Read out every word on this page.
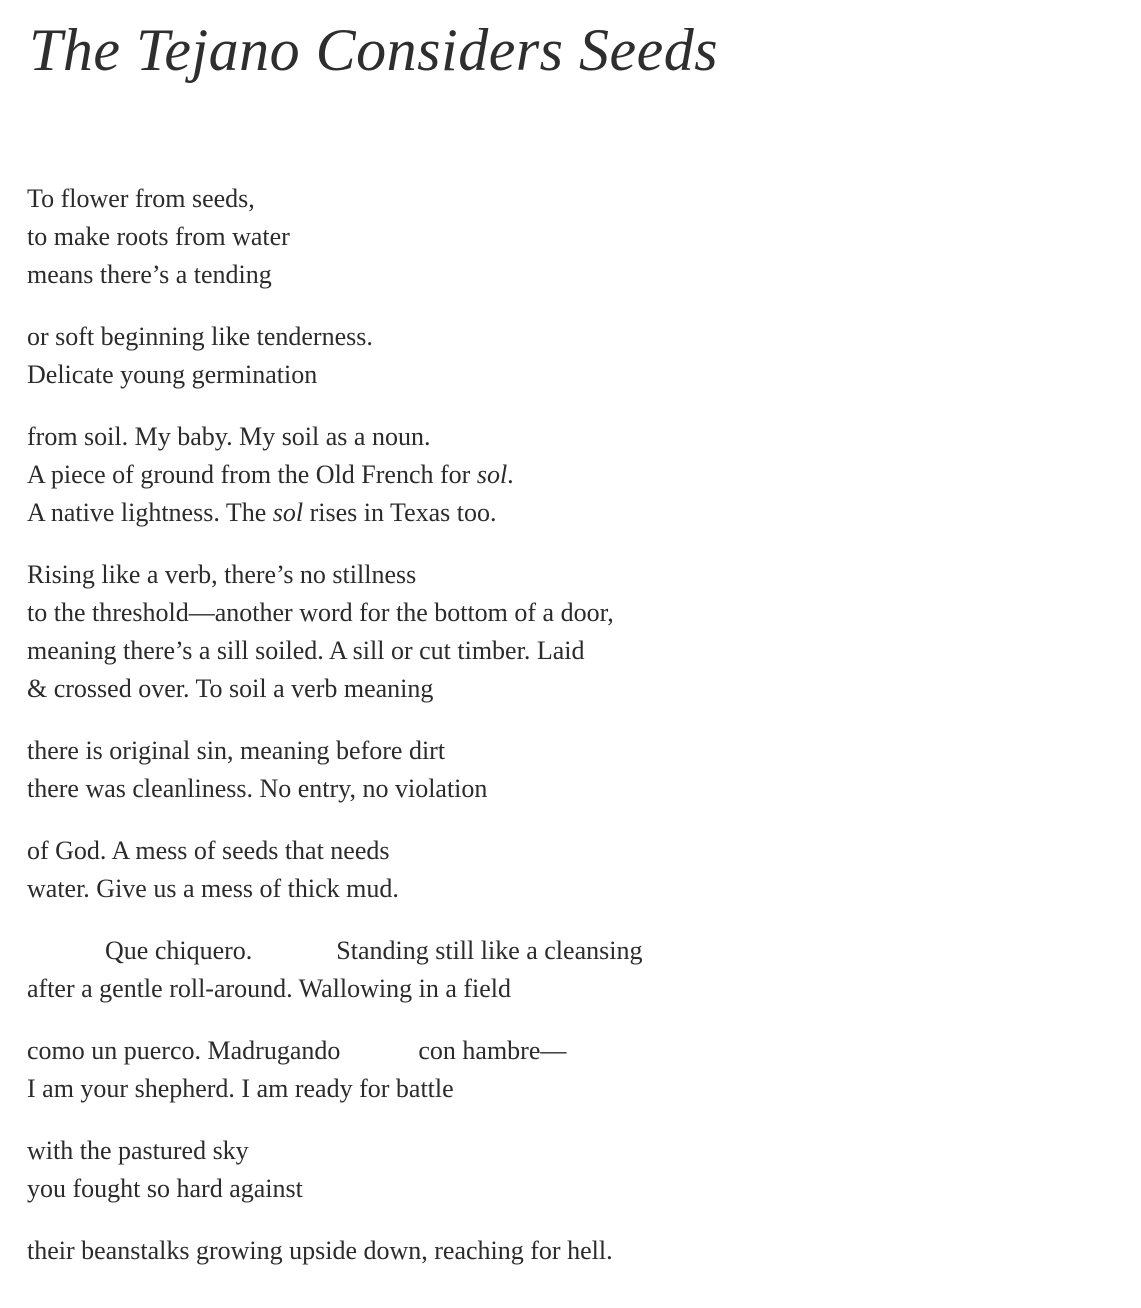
The Tejano Considers Seeds
To flower from seeds,
to make roots from water
means there’s a tending
or soft beginning like tenderness.
Delicate young germination
from soil. My baby. My soil as a noun.
A piece of ground from the Old French for sol.
A native lightness. The sol rises in Texas too.
Rising like a verb, there’s no stillness
to the threshold—another word for the bottom of a door,
meaning there’s a sill soiled. A sill or cut timber. Laid
& crossed over. To soil a verb meaning
there is original sin, meaning before dirt
there was cleanliness. No entry, no violation
of God. A mess of seeds that needs
water. Give us a mess of thick mud.
Que chiquero.	Standing still like a cleansing
after a gentle roll-around. Wallowing in a field
como un puerco. Madrugando	con hambre—
I am your shepherd. I am ready for battle
with the pastured sky
you fought so hard against
their beanstalks growing upside down, reaching for hell.
